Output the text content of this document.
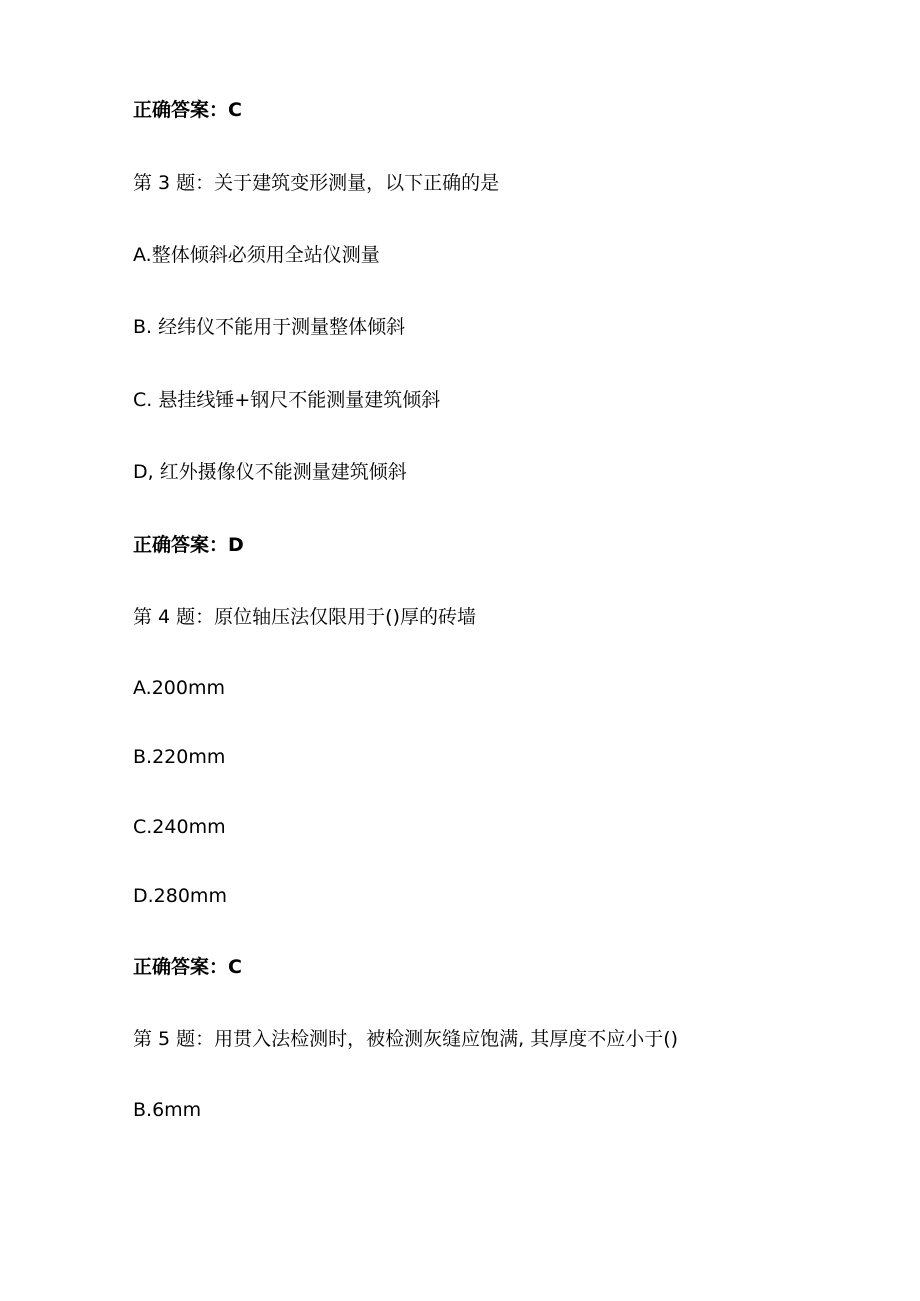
正确答案：C
第 3 题：关于建筑变形测量，以下正确的是
A.整体倾斜必须用全站仪测量
B. 经纬仪不能用于测量整体倾斜
C. 悬挂线锤+钢尺不能测量建筑倾斜
D, 红外摄像仪不能测量建筑倾斜
正确答案：D
第 4 题：原位轴压法仅限用于()厚的砖墙
A.200mm
B.220mm
C.240mm
D.280mm
正确答案：C
第 5 题：用贯入法检测时，被检测灰缝应饱满, 其厚度不应小于()
B.6mm
